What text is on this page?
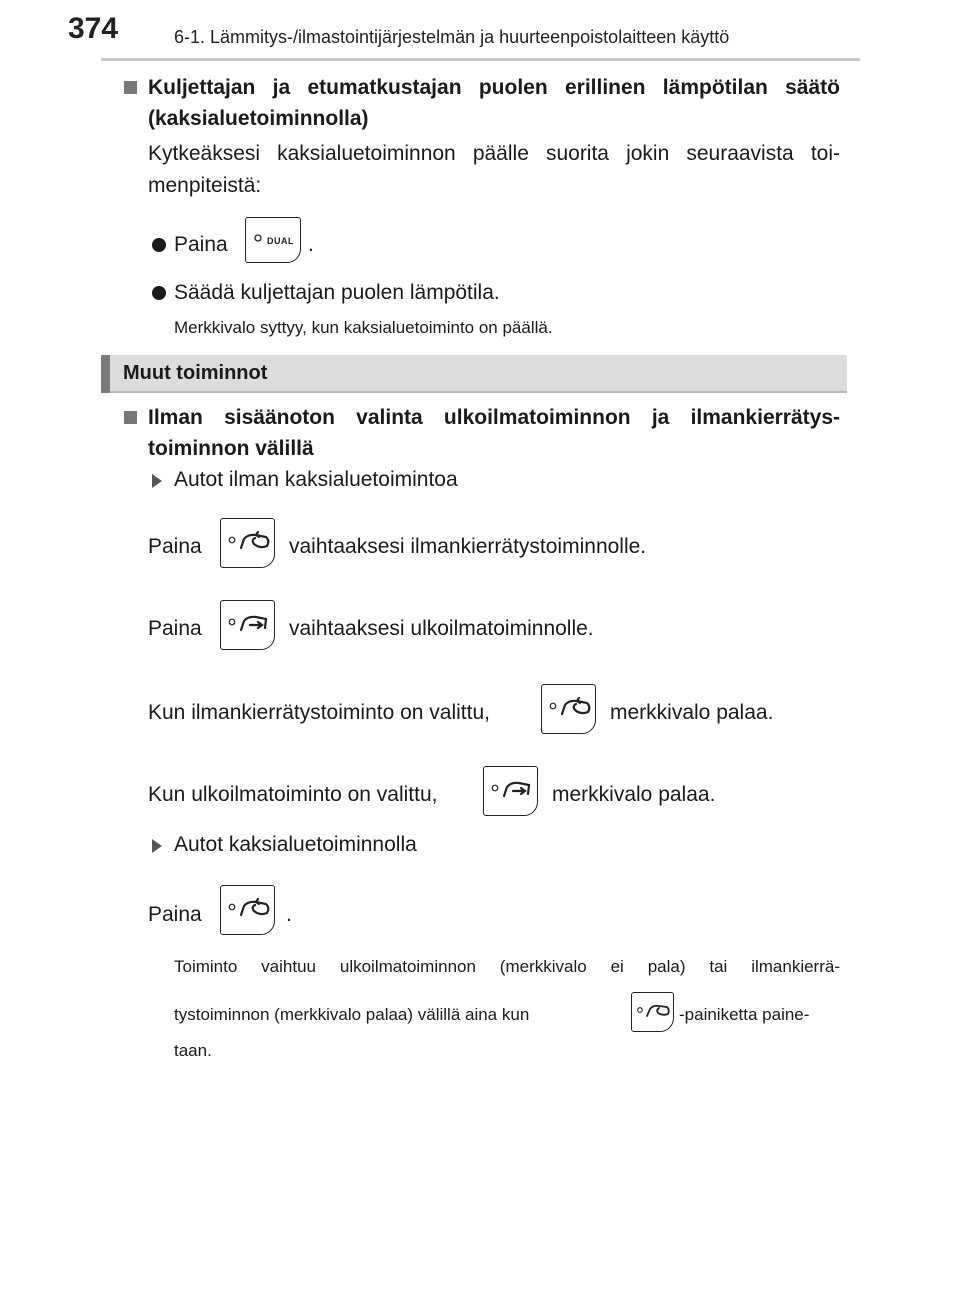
374	6-1. Lämmitys-/ilmastointijärjestelmän ja huurteenpoistolaitteen käyttö
Kuljettajan ja etumatkustajan puolen erillinen lämpötilan säätö
(kaksialuetoiminnolla)
Kytkeäksesi kaksialuetoiminnon päälle suorita jokin seuraavista toi-
menpiteistä:
Paina	DUAL .
Säädä kuljettajan puolen lämpötila.
Merkkivalo syttyy, kun kaksialuetoiminto on päällä.
Muut toiminnot
Ilman sisäänoton valinta ulkoilmatoiminnon ja ilmankierrätys-
toiminnon välillä
Autot ilman kaksialuetoimintoa
Paina	vaihtaaksesi ilmankierrätystoiminnolle.
Paina	vaihtaaksesi ulkoilmatoiminnolle.
Kun ilmankierrätystoiminto on valittu,	merkkivalo palaa.
Kun ulkoilmatoiminto on valittu,	merkkivalo palaa.
Autot kaksialuetoiminnolla
Paina	.
Toiminto vaihtuu ulkoilmatoiminnon (merkkivalo ei pala) tai ilmankierrä-
tystoiminnon (merkkivalo palaa) välillä aina kun	-painiketta paine-
taan.
